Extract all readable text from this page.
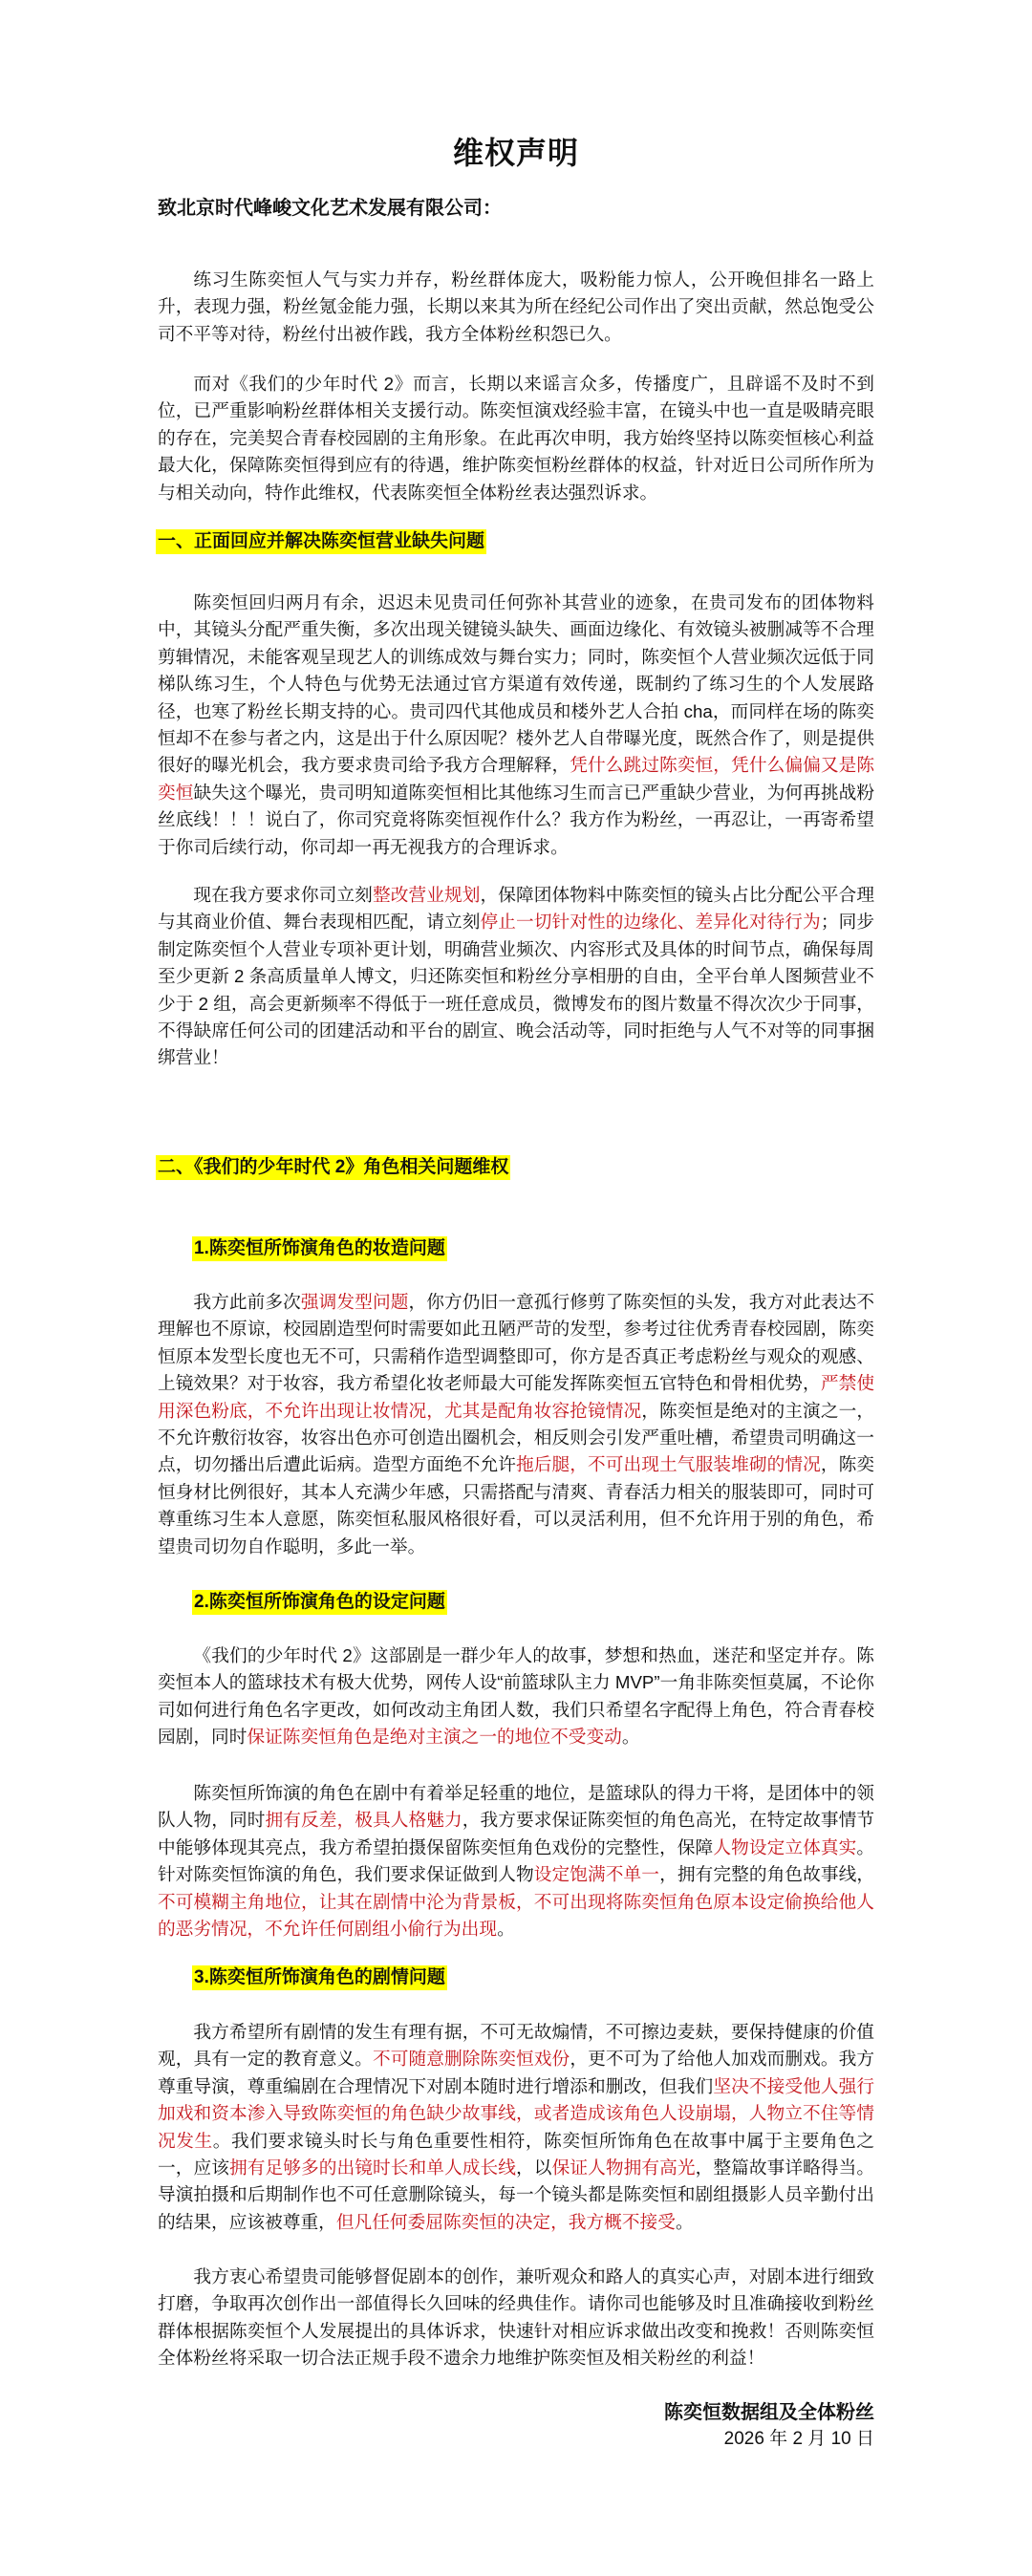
维权声明
致北京时代峰峻文化艺术发展有限公司：
练习生陈奕恒人气与实力并存，粉丝群体庞大，吸粉能力惊人，公开晚但排名一路上升，表现力强，粉丝氪金能力强，长期以来其为所在经纪公司作出了突出贡献，然总饱受公司不平等对待，粉丝付出被作践，我方全体粉丝积怨已久。
而对《我们的少年时代 2》而言，长期以来谣言众多，传播度广，且辟谣不及时不到位，已严重影响粉丝群体相关支援行动。陈奕恒演戏经验丰富，在镜头中也一直是吸睛亮眼的存在，完美契合青春校园剧的主角形象。在此再次申明，我方始终坚持以陈奕恒核心利益最大化，保障陈奕恒得到应有的待遇，维护陈奕恒粉丝群体的权益，针对近日公司所作所为与相关动向，特作此维权，代表陈奕恒全体粉丝表达强烈诉求。
一、正面回应并解决陈奕恒营业缺失问题
陈奕恒回归两月有余，迟迟未见贵司任何弥补其营业的迹象，在贵司发布的团体物料中，其镜头分配严重失衡，多次出现关键镜头缺失、画面边缘化、有效镜头被删减等不合理剪辑情况，未能客观呈现艺人的训练成效与舞台实力；同时，陈奕恒个人营业频次远低于同梯队练习生，个人特色与优势无法通过官方渠道有效传递，既制约了练习生的个人发展路径，也寒了粉丝长期支持的心。贵司四代其他成员和楼外艺人合拍 cha，而同样在场的陈奕恒却不在参与者之内，这是出于什么原因呢？楼外艺人自带曝光度，既然合作了，则是提供很好的曝光机会，我方要求贵司给予我方合理解释，凭什么跳过陈奕恒，凭什么偏偏又是陈奕恒缺失这个曝光，贵司明知道陈奕恒相比其他练习生而言已严重缺少营业，为何再挑战粉丝底线！！！说白了，你司究竟将陈奕恒视作什么？我方作为粉丝，一再忍让，一再寄希望于你司后续行动，你司却一再无视我方的合理诉求。
现在我方要求你司立刻整改营业规划，保障团体物料中陈奕恒的镜头占比分配公平合理与其商业价值、舞台表现相匹配，请立刻停止一切针对性的边缘化、差异化对待行为；同步制定陈奕恒个人营业专项补更计划，明确营业频次、内容形式及具体的时间节点，确保每周至少更新 2 条高质量单人博文，归还陈奕恒和粉丝分享相册的自由，全平台单人图频营业不少于 2 组，高会更新频率不得低于一班任意成员，微博发布的图片数量不得次次少于同事，不得缺席任何公司的团建活动和平台的剧宣、晚会活动等，同时拒绝与人气不对等的同事捆绑营业！
二、《我们的少年时代 2》角色相关问题维权
1.陈奕恒所饰演角色的妆造问题
我方此前多次强调发型问题，你方仍旧一意孤行修剪了陈奕恒的头发，我方对此表达不理解也不原谅，校园剧造型何时需要如此丑陋严苛的发型，参考过往优秀青春校园剧，陈奕恒原本发型长度也无不可，只需稍作造型调整即可，你方是否真正考虑粉丝与观众的观感、上镜效果？对于妆容，我方希望化妆老师最大可能发挥陈奕恒五官特色和骨相优势，严禁使用深色粉底，不允许出现让妆情况，尤其是配角妆容抢镜情况，陈奕恒是绝对的主演之一，不允许敷衍妆容，妆容出色亦可创造出圈机会，相反则会引发严重吐槽，希望贵司明确这一点，切勿播出后遭此诟病。造型方面绝不允许拖后腿，不可出现土气服装堆砌的情况，陈奕恒身材比例很好，其本人充满少年感，只需搭配与清爽、青春活力相关的服装即可，同时可尊重练习生本人意愿，陈奕恒私服风格很好看，可以灵活利用，但不允许用于别的角色，希望贵司切勿自作聪明，多此一举。
2.陈奕恒所饰演角色的设定问题
《我们的少年时代 2》这部剧是一群少年人的故事，梦想和热血，迷茫和坚定并存。陈奕恒本人的篮球技术有极大优势，网传人设“前篮球队主力 MVP”一角非陈奕恒莫属，不论你司如何进行角色名字更改，如何改动主角团人数，我们只希望名字配得上角色，符合青春校园剧，同时保证陈奕恒角色是绝对主演之一的地位不受变动。
陈奕恒所饰演的角色在剧中有着举足轻重的地位，是篮球队的得力干将，是团体中的领队人物，同时拥有反差，极具人格魅力，我方要求保证陈奕恒的角色高光，在特定故事情节中能够体现其亮点，我方希望拍摄保留陈奕恒角色戏份的完整性，保障人物设定立体真实。针对陈奕恒饰演的角色，我们要求保证做到人物设定饱满不单一，拥有完整的角色故事线，不可模糊主角地位，让其在剧情中沦为背景板，不可出现将陈奕恒角色原本设定偷换给他人的恶劣情况，不允许任何剧组小偷行为出现。
3.陈奕恒所饰演角色的剧情问题
我方希望所有剧情的发生有理有据，不可无故煽情，不可擦边麦麸，要保持健康的价值观，具有一定的教育意义。不可随意删除陈奕恒戏份，更不可为了给他人加戏而删戏。我方尊重导演，尊重编剧在合理情况下对剧本随时进行增添和删改，但我们坚决不接受他人强行加戏和资本渗入导致陈奕恒的角色缺少故事线，或者造成该角色人设崩塌，人物立不住等情况发生。我们要求镜头时长与角色重要性相符，陈奕恒所饰角色在故事中属于主要角色之一，应该拥有足够多的出镜时长和单人成长线，以保证人物拥有高光，整篇故事详略得当。导演拍摄和后期制作也不可任意删除镜头，每一个镜头都是陈奕恒和剧组摄影人员辛勤付出的结果，应该被尊重，但凡任何委屈陈奕恒的决定，我方概不接受。
我方衷心希望贵司能够督促剧本的创作，兼听观众和路人的真实心声，对剧本进行细致打磨，争取再次创作出一部值得长久回味的经典佳作。请你司也能够及时且准确接收到粉丝群体根据陈奕恒个人发展提出的具体诉求，快速针对相应诉求做出改变和挽救！否则陈奕恒全体粉丝将采取一切合法正规手段不遗余力地维护陈奕恒及相关粉丝的利益！
陈奕恒数据组及全体粉丝
2026 年 2 月 10 日
